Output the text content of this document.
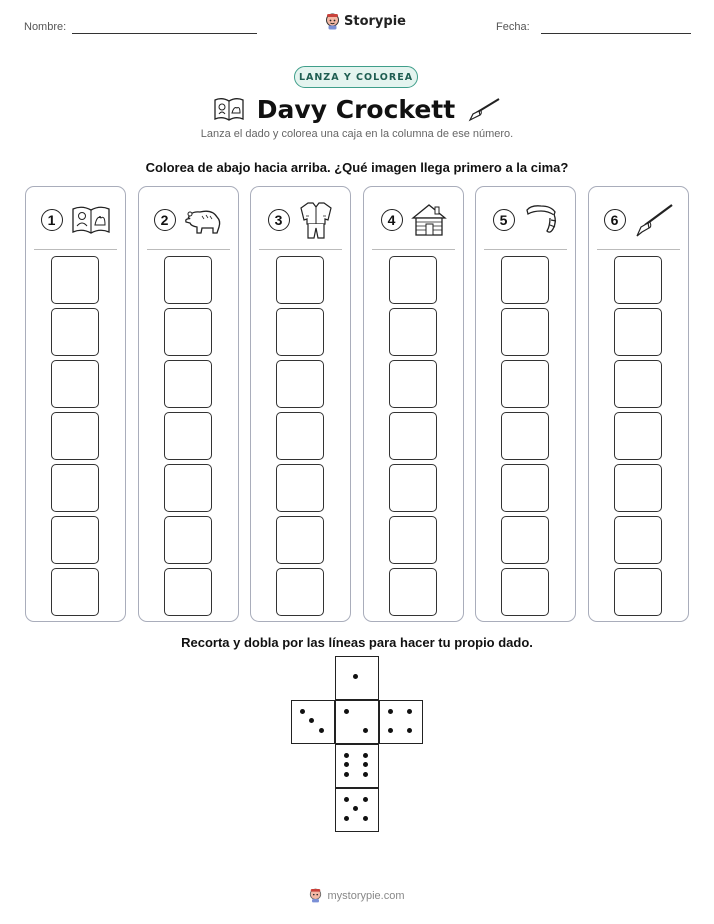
Nombre:	Storypie	Fecha:
LANZA Y COLOREA
Davy Crockett
Lanza el dado y colorea una caja en la columna de ese número.
Colorea de abajo hacia arriba. ¿Qué imagen llega primero a la cima?
1	2	3	4	5	6
Recorta y dobla por las líneas para hacer tu propio dado.
mystorypie.com
